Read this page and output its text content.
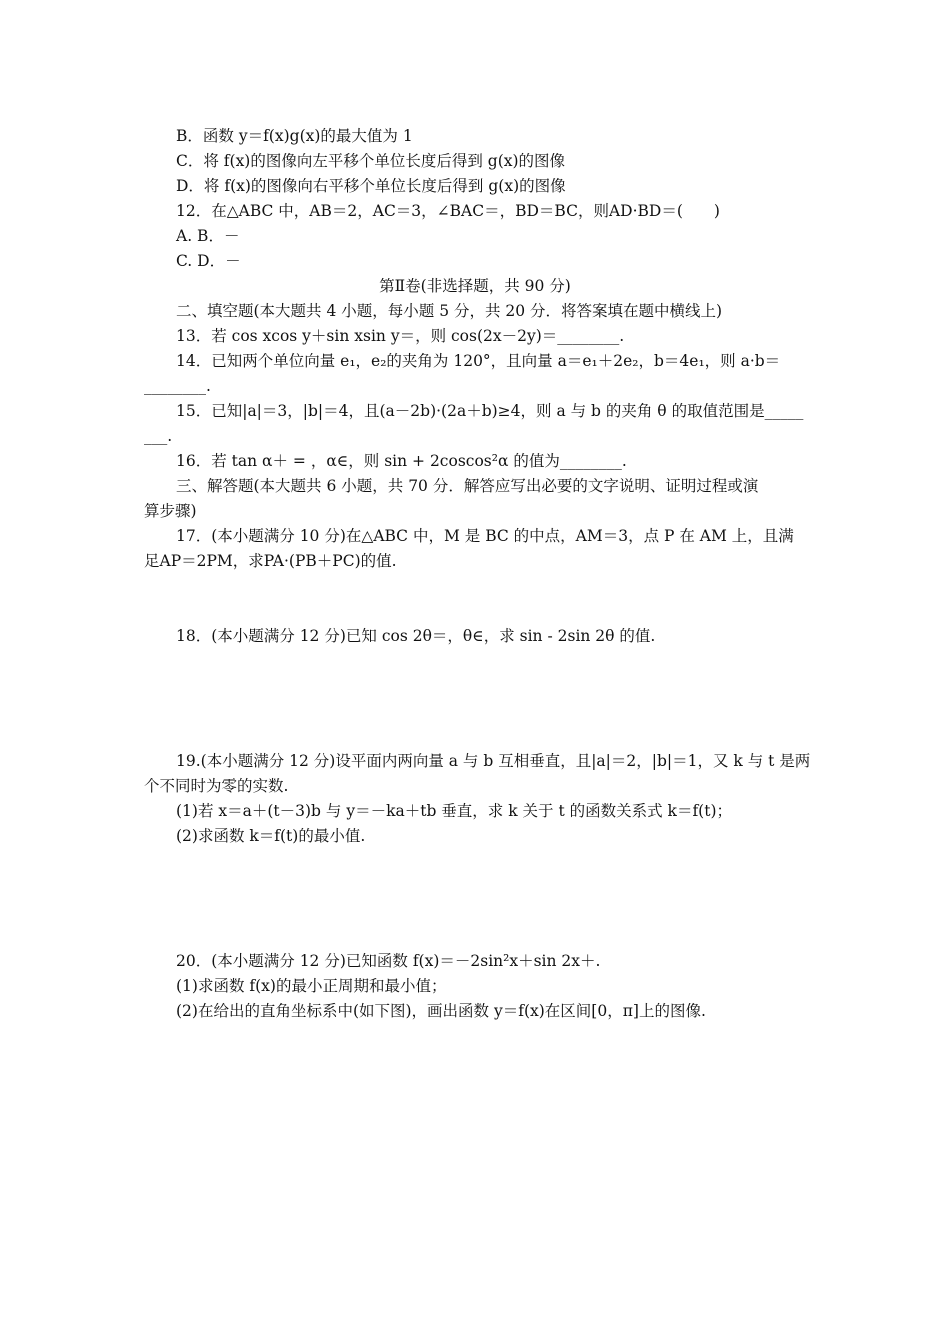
B．函数 y＝f(x)g(x)的最大值为 1
C．将 f(x)的图像向左平移个单位长度后得到 g(x)的图像
D．将 f(x)的图像向右平移个单位长度后得到 g(x)的图像
12．在△ABC 中，AB＝2，AC＝3，∠BAC＝，BD＝BC，则AD·BD＝(　　)
A. B．－
C. D．－
第Ⅱ卷(非选择题，共 90 分)
二、填空题(本大题共 4 小题，每小题 5 分，共 20 分．将答案填在题中横线上)
13．若 cos xcos y＋sin xsin y＝，则 cos(2x－2y)＝________.
14．已知两个单位向量 e₁，e₂的夹角为 120°，且向量 a＝e₁＋2e₂，b＝4e₁，则 a·b＝
________.
15．已知|a|＝3，|b|＝4，且(a－2b)·(2a＋b)≥4，则 a 与 b 的夹角 θ 的取值范围是_____
___.
16．若 tan α＋ = ，α∈，则 sin + 2coscos²α 的值为________.
三、解答题(本大题共 6 小题，共 70 分．解答应写出必要的文字说明、证明过程或演
算步骤)
17．(本小题满分 10 分)在△ABC 中，M 是 BC 的中点，AM＝3，点 P 在 AM 上，且满
足AP＝2PM，求PA·(PB＋PC)的值.
18．(本小题满分 12 分)已知 cos 2θ＝，θ∈，求 sin - 2sin 2θ 的值.
19.(本小题满分 12 分)设平面内两向量 a 与 b 互相垂直，且|a|＝2，|b|＝1，又 k 与 t 是两
个不同时为零的实数.
(1)若 x＝a＋(t－3)b 与 y＝－ka＋tb 垂直，求 k 关于 t 的函数关系式 k＝f(t)；
(2)求函数 k＝f(t)的最小值.
20．(本小题满分 12 分)已知函数 f(x)＝－2sin²x＋sin 2x＋.
(1)求函数 f(x)的最小正周期和最小值；
(2)在给出的直角坐标系中(如下图)，画出函数 y＝f(x)在区间[0，π]上的图像.
